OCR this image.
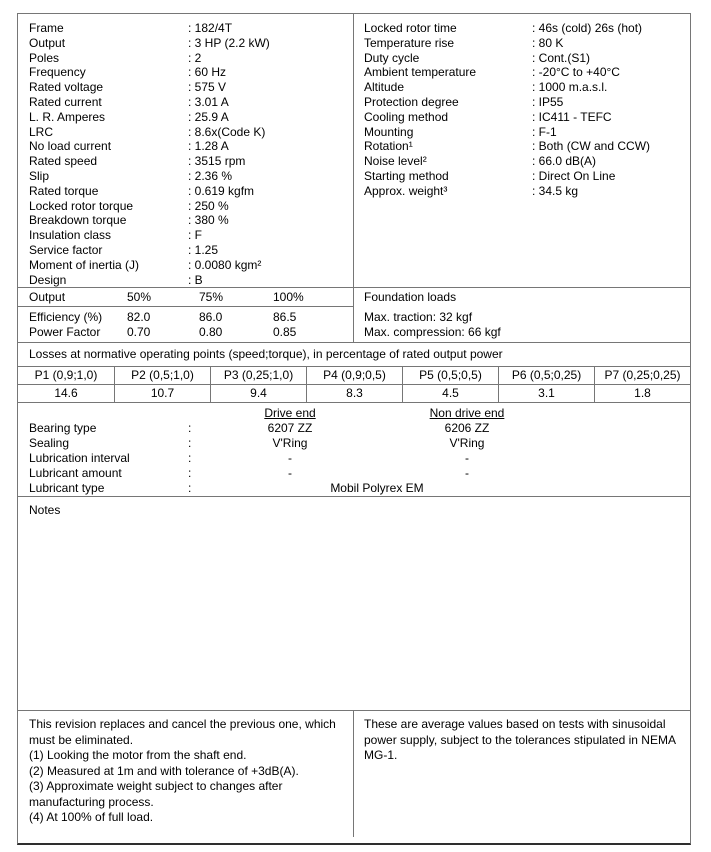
Frame	: 182/4T
Output	: 3 HP (2.2 kW)
Poles	: 2
Frequency	: 60 Hz
Rated voltage	: 575 V
Rated current	: 3.01 A
L. R. Amperes	: 25.9 A
LRC	: 8.6x(Code K)
No load current	: 1.28 A
Rated speed	: 3515 rpm
Slip	: 2.36 %
Rated torque	: 0.619 kgfm
Locked rotor torque	: 250 %
Breakdown torque	: 380 %
Insulation class	: F
Service factor	: 1.25
Moment of inertia (J)	: 0.0080 kgm²
Design	: B
Locked rotor time	: 46s (cold) 26s (hot)
Temperature rise	: 80 K
Duty cycle	: Cont.(S1)
Ambient temperature	: -20°C to +40°C
Altitude	: 1000 m.a.s.l.
Protection degree	: IP55
Cooling method	: IC411 - TEFC
Mounting	: F-1
Rotation¹	: Both (CW and CCW)
Noise level²	: 66.0 dB(A)
Starting method	: Direct On Line
Approx. weight³	: 34.5 kg
Output	50%	75%	100%
Efficiency (%)	82.0	86.0	86.5
Power Factor	0.70	0.80	0.85
Foundation loads
Max. traction : 32 kgf
Max. compression : 66 kgf
Losses at normative operating points (speed;torque), in percentage of rated output power
P1 (0,9;1,0)	P2 (0,5;1,0)	P3 (0,25;1,0)	P4 (0,9;0,5)	P5 (0,5;0,5)	P6 (0,5;0,25)	P7 (0,25;0,25)
14.6	10.7	9.4	8.3	4.5	3.1	1.8
Drive end	Non drive end
Bearing type	:	6207 ZZ	6206 ZZ
Sealing	:	V'Ring	V'Ring
Lubrication interval	:	-	-
Lubricant amount	:	-	-
Lubricant type	:	Mobil Polyrex EM
Notes
This revision replaces and cancel the previous one, which must be eliminated.
(1) Looking the motor from the shaft end.
(2) Measured at 1m and with tolerance of +3dB(A).
(3) Approximate weight subject to changes after manufacturing process.
(4) At 100% of full load.
These are average values based on tests with sinusoidal power supply, subject to the tolerances stipulated in NEMA MG-1.
